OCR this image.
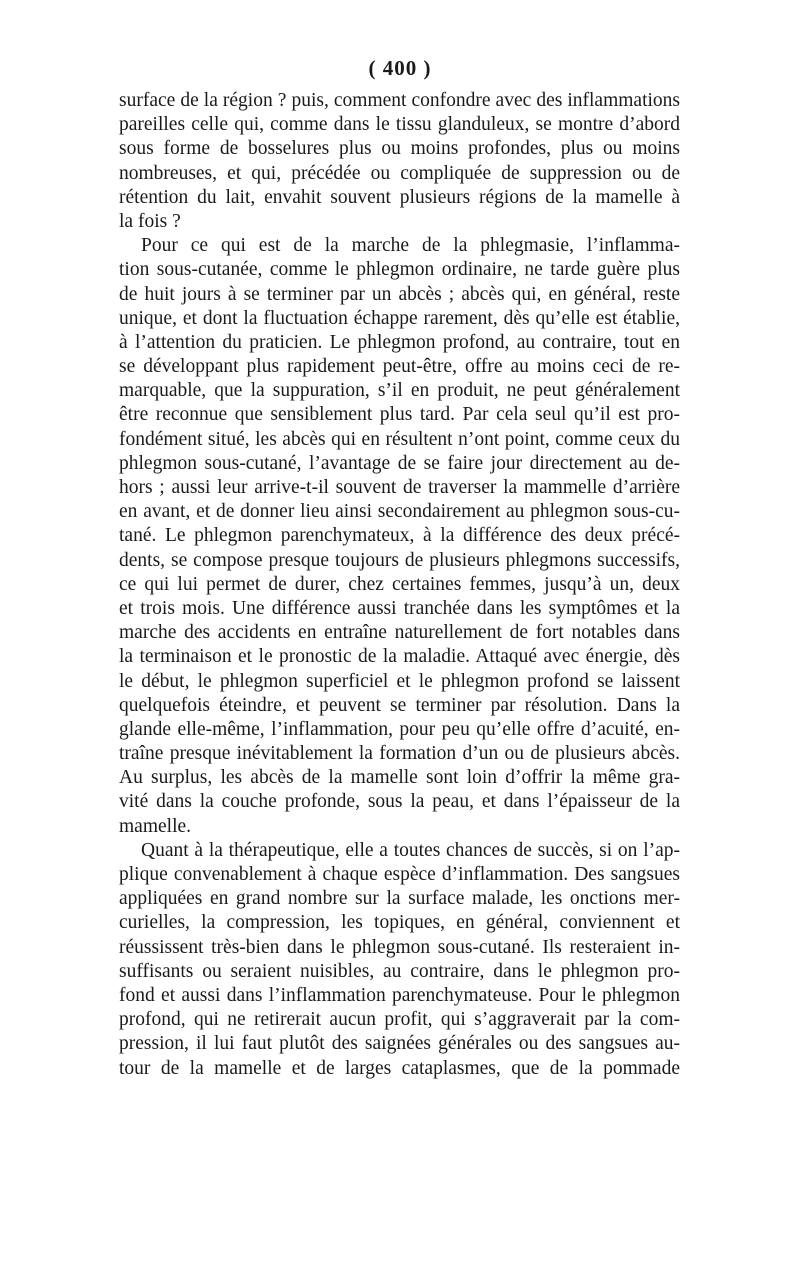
( 400 )
surface de la région ? puis, comment confondre avec des inflammations
pareilles celle qui, comme dans le tissu glanduleux, se montre d’abord
sous forme de bosselures plus ou moins profondes, plus ou moins
nombreuses, et qui, précédée ou compliquée de suppression ou de
rétention du lait, envahit souvent plusieurs régions de la mamelle à
la fois ?
Pour ce qui est de la marche de la phlegmasie, l’inflamma-
tion sous-cutanée, comme le phlegmon ordinaire, ne tarde guère plus
de huit jours à se terminer par un abcès ; abcès qui, en général, reste
unique, et dont la fluctuation échappe rarement, dès qu’elle est établie,
à l’attention du praticien. Le phlegmon profond, au contraire, tout en
se développant plus rapidement peut-être, offre au moins ceci de re-
marquable, que la suppuration, s’il en produit, ne peut généralement
être reconnue que sensiblement plus tard. Par cela seul qu’il est pro-
fondément situé, les abcès qui en résultent n’ont point, comme ceux du
phlegmon sous-cutané, l’avantage de se faire jour directement au de-
hors ; aussi leur arrive-t-il souvent de traverser la mammelle d’arrière
en avant, et de donner lieu ainsi secondairement au phlegmon sous-cu-
tané. Le phlegmon parenchymateux, à la différence des deux précé-
dents, se compose presque toujours de plusieurs phlegmons successifs,
ce qui lui permet de durer, chez certaines femmes, jusqu’à un, deux
et trois mois. Une différence aussi tranchée dans les symptômes et la
marche des accidents en entraîne naturellement de fort notables dans
la terminaison et le pronostic de la maladie. Attaqué avec énergie, dès
le début, le phlegmon superficiel et le phlegmon profond se laissent
quelquefois éteindre, et peuvent se terminer par résolution. Dans la
glande elle-même, l’inflammation, pour peu qu’elle offre d’acuité, en-
traîne presque inévitablement la formation d’un ou de plusieurs abcès.
Au surplus, les abcès de la mamelle sont loin d’offrir la même gra-
vité dans la couche profonde, sous la peau, et dans l’épaisseur de la
mamelle.
Quant à la thérapeutique, elle a toutes chances de succès, si on l’ap-
plique convenablement à chaque espèce d’inflammation. Des sangsues
appliquées en grand nombre sur la surface malade, les onctions mer-
curielles, la compression, les topiques, en général, conviennent et
réussissent très-bien dans le phlegmon sous-cutané. Ils resteraient in-
suffisants ou seraient nuisibles, au contraire, dans le phlegmon pro-
fond et aussi dans l’inflammation parenchymateuse. Pour le phlegmon
profond, qui ne retirerait aucun profit, qui s’aggraverait par la com-
pression, il lui faut plutôt des saignées générales ou des sangsues au-
tour de la mamelle et de larges cataplasmes, que de la pommade
